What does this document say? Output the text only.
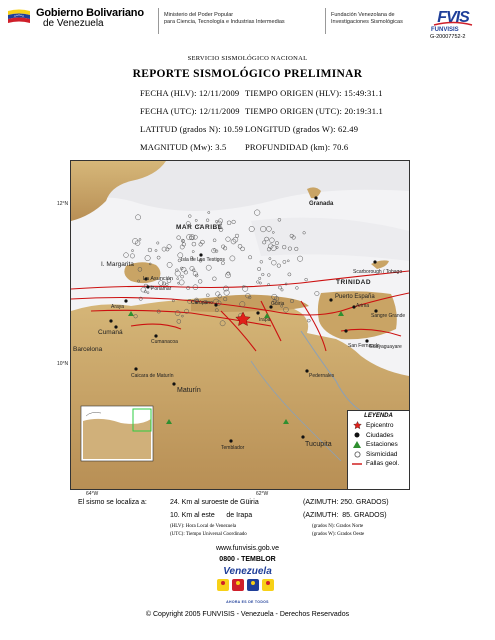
Gobierno Bolivariano
de Venezuela
Ministerio del Poder Popular
para Ciencia, Tecnología e Industrias Intermedias
Fundación Venezolana de
Investigaciones Sismológicas FVIS
FUNVISIS
G-20007752-2
SERVICIO SISMOLÓGICO NACIONAL
REPORTE SISMOLÓGICO PRELIMINAR
FECHA (HLV): 12/11/2009 TIEMPO ORIGEN (HLV): 15:49:31.1
FECHA (UTC): 12/11/2009 TIEMPO ORIGEN (UTC): 20:19:31.1
LATITUD (grados N): 10.59 LONGITUD (grados W): 62.49
MAGNITUD (Mw): 3.5 PROFUNDIDAD (km): 70.6
MAR CARIBE
TRINIDAD
12°N
10°N
64°W	62°W
Granada
I. Margarita
La Asunción
Isla de Los Testigos
Porlamar
Cumaná
Carúpano	Güiria
Puerto España
Arima
San Fernando
Maturín
Tucupita
Barcelona
Pedernales
Temblador
Caicara de Maturín
Cumanacoa
Araya
Scarborough / Tobago
Irapa
Guayaguayare
Sangre Grande
LEYENDA
Epicentro
Ciudades
Estaciones
Sismicidad
Fallas geol.
El sismo se localiza a:	24. Km al suroeste de Güiria	(AZIMUTH: 250. GRADOS)
10. Km al este      de Irapa	(AZIMUTH:  85. GRADOS)
(HLV): Hora Local de Venezuela	(grados N): Grados Norte
(UTC): Tiempo Universal Coordinado	(grados W): Grados Oeste
www.funvisis.gob.ve
0800 - TEMBLOR
Venezuela
AHORA ES DE TODOS
© Copyright 2005 FUNVISIS - Venezuela - Derechos Reservados
